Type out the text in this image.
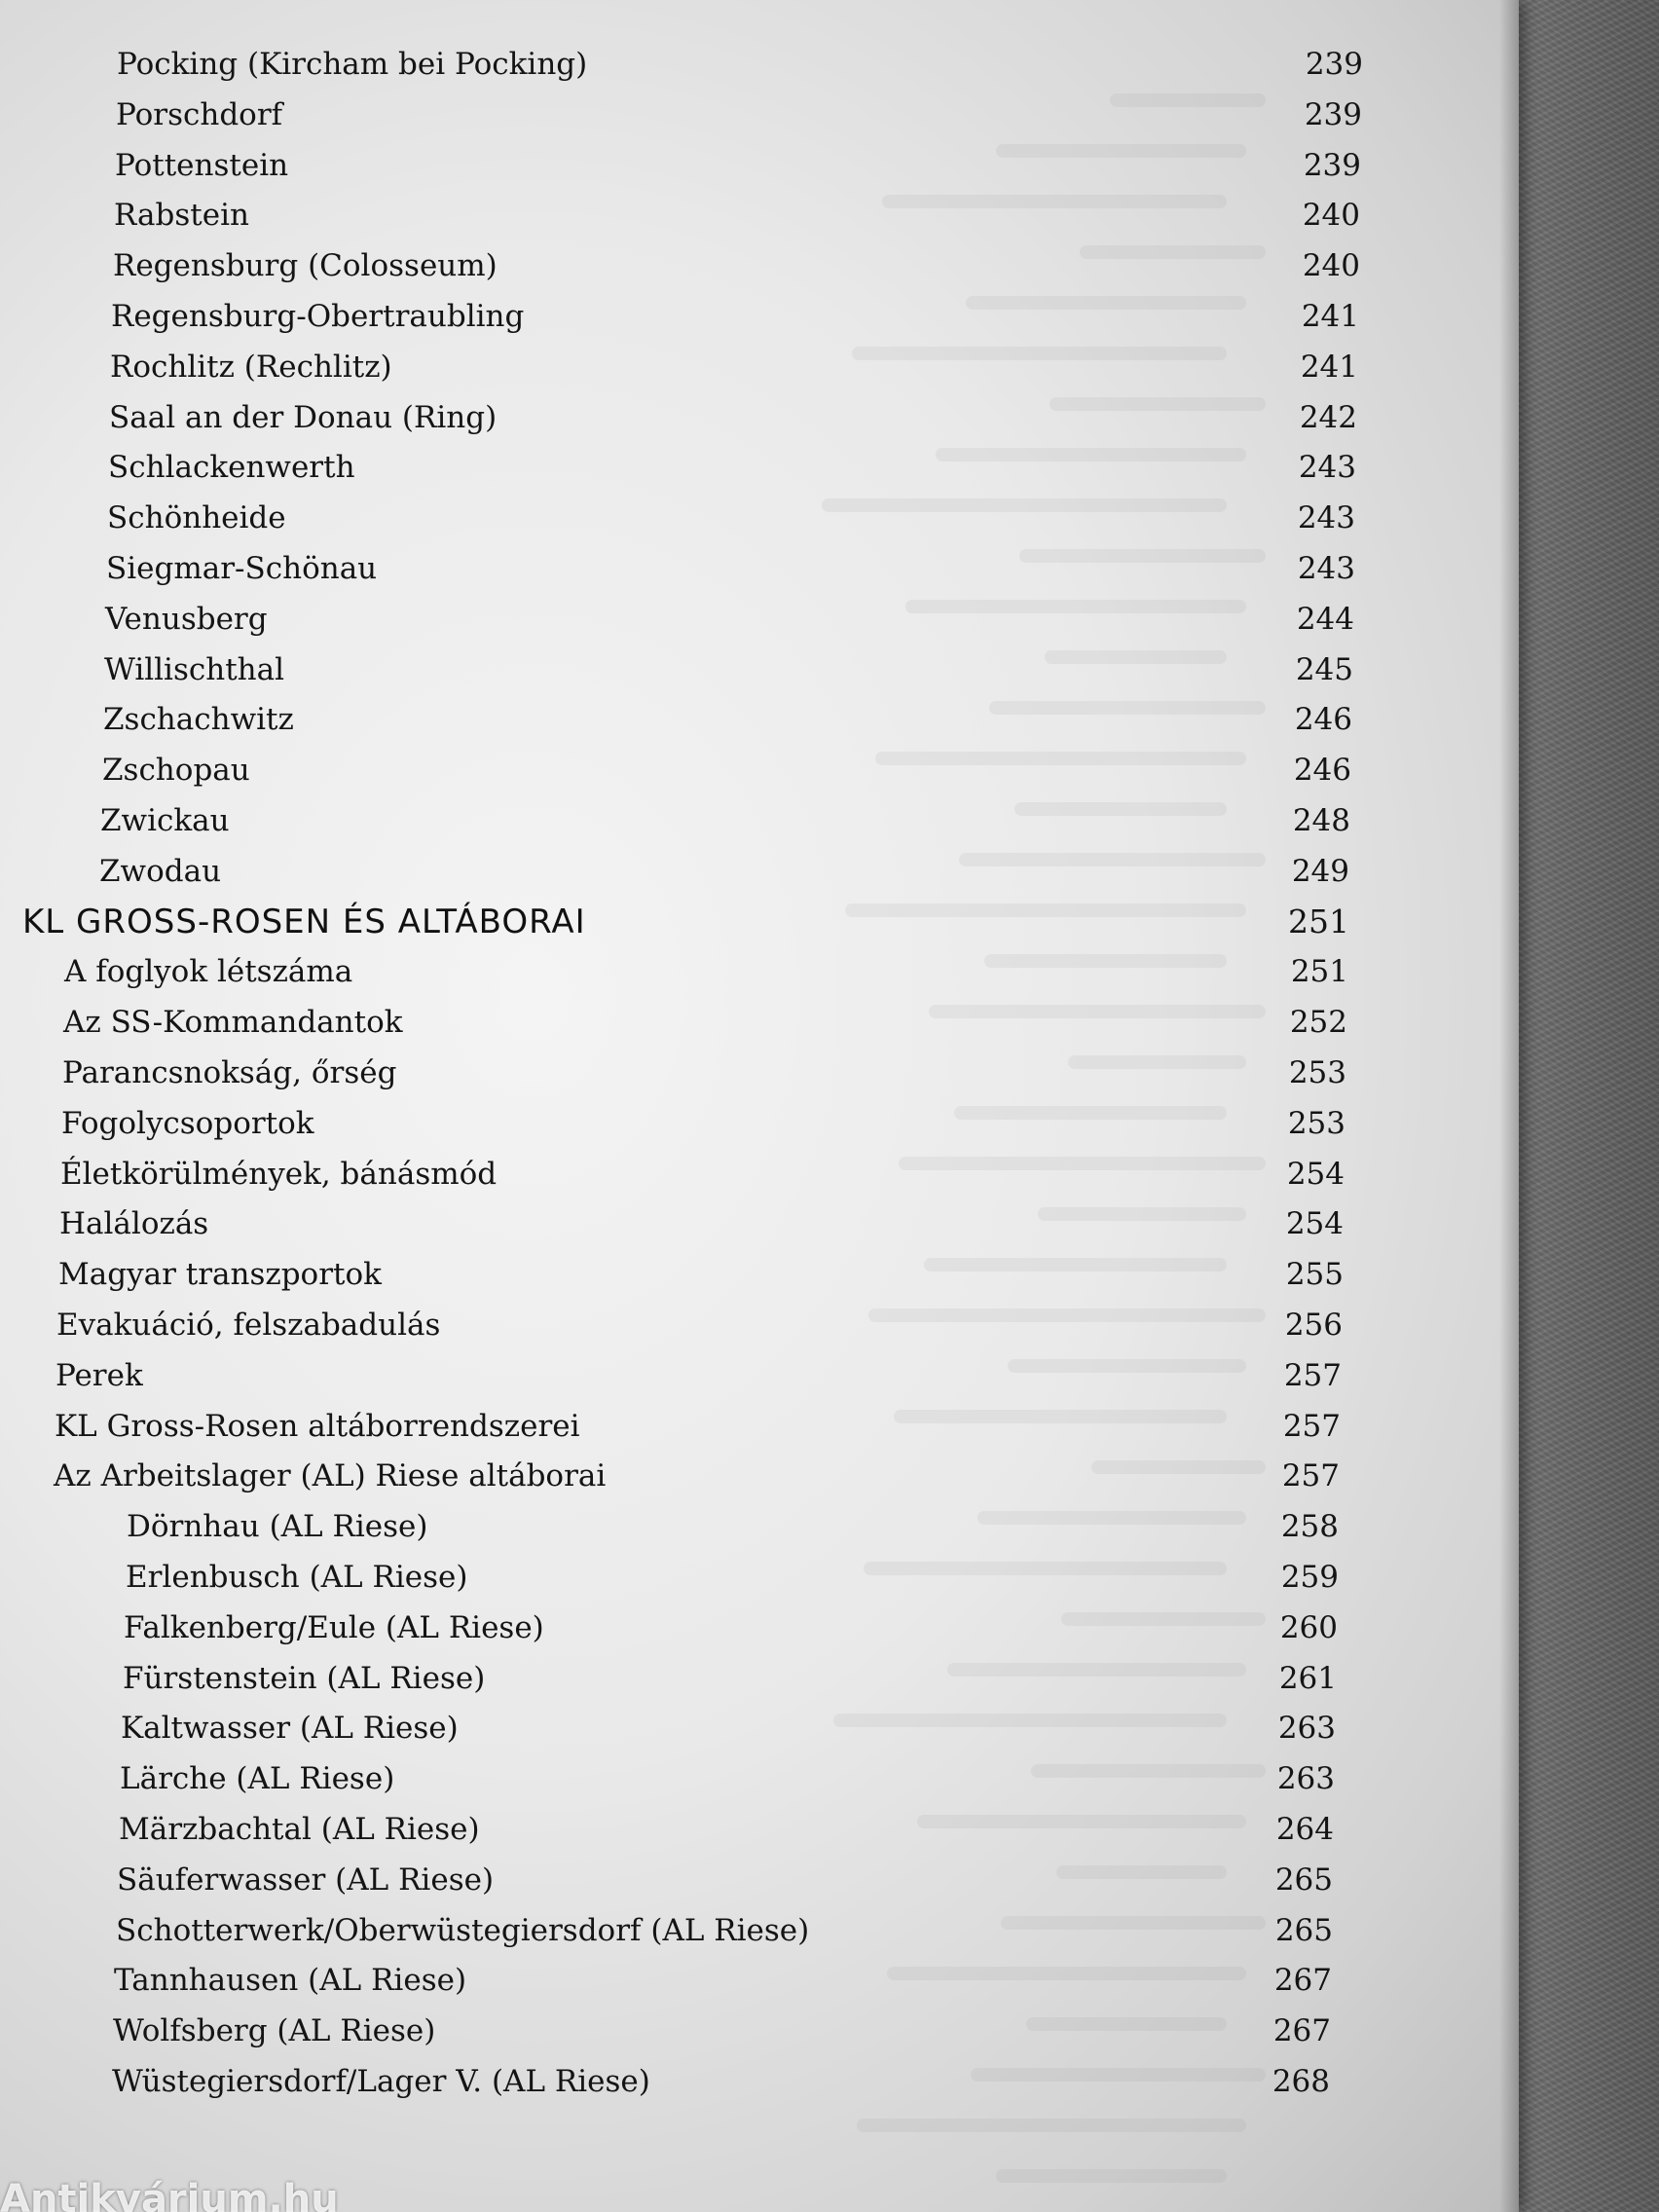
Pocking (Kircham bei Pocking)	239
Porschdorf	239
Pottenstein	239
Rabstein	240
Regensburg (Colosseum)	240
Regensburg-Obertraubling	241
Rochlitz (Rechlitz)	241
Saal an der Donau (Ring)	242
Schlackenwerth	243
Schönheide	243
Siegmar-Schönau	243
Venusberg	244
Willischthal	245
Zschachwitz	246
Zschopau	246
Zwickau	248
Zwodau	249
KL GROSS-ROSEN ÉS ALTÁBORAI	251
A foglyok létszáma	251
Az SS-Kommandantok	252
Parancsnokság, őrség	253
Fogolycsoportok	253
Életkörülmények, bánásmód	254
Halálozás	254
Magyar transzportok	255
Evakuáció, felszabadulás	256
Perek	257
KL Gross-Rosen altáborrendszerei	257
Az Arbeitslager (AL) Riese altáborai	257
Dörnhau (AL Riese)	258
Erlenbusch (AL Riese)	259
Falkenberg/Eule (AL Riese)	260
Fürstenstein (AL Riese)	261
Kaltwasser (AL Riese)	263
Lärche (AL Riese)	263
Märzbachtal (AL Riese)	264
Säuferwasser (AL Riese)	265
Schotterwerk/Oberwüstegiersdorf (AL Riese)	265
Tannhausen (AL Riese)	267
Wolfsberg (AL Riese)	267
Wüstegiersdorf/Lager V. (AL Riese)	268
Antikvárium.hu
